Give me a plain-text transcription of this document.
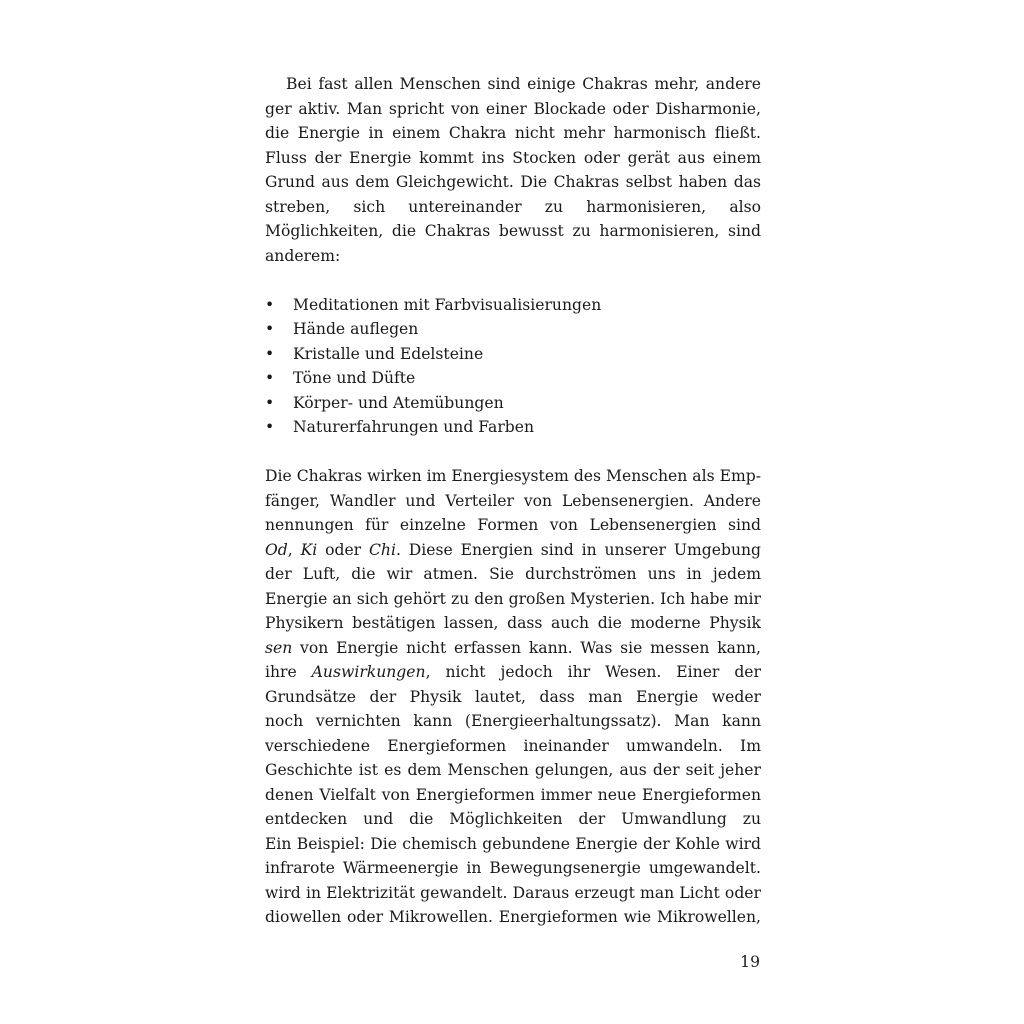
Bei fast allen Menschen sind einige Chakras mehr, andere
ger aktiv. Man spricht von einer Blockade oder Disharmonie,
die Energie in einem Chakra nicht mehr harmonisch fließt.
Fluss der Energie kommt ins Stocken oder gerät aus einem
Grund aus dem Gleichgewicht. Die Chakras selbst haben das
streben, sich untereinander zu harmonisieren, also
Möglichkeiten, die Chakras bewusst zu harmonisieren, sind
anderem:
•	Meditationen mit Farbvisualisierungen
•	Hände auflegen
•	Kristalle und Edelsteine
•	Töne und Düfte
•	Körper- und Atemübungen
•	Naturerfahrungen und Farben
Die Chakras wirken im Energiesystem des Menschen als Emp-
fänger, Wandler und Verteiler von Lebensenergien. Andere
nennungen für einzelne Formen von Lebensenergien sind
Od, Ki oder Chi. Diese Energien sind in unserer Umgebung
der Luft, die wir atmen. Sie durchströmen uns in jedem
Energie an sich gehört zu den großen Mysterien. Ich habe mir
Physikern bestätigen lassen, dass auch die moderne Physik
sen von Energie nicht erfassen kann. Was sie messen kann,
ihre Auswirkungen, nicht jedoch ihr Wesen. Einer der
Grundsätze der Physik lautet, dass man Energie weder
noch vernichten kann (Energieerhaltungssatz). Man kann
verschiedene Energieformen ineinander umwandeln. Im
Geschichte ist es dem Menschen gelungen, aus der seit jeher
denen Vielfalt von Energieformen immer neue Energieformen
entdecken und die Möglichkeiten der Umwandlung zu
Ein Beispiel: Die chemisch gebundene Energie der Kohle wird
infrarote Wärmeenergie in Bewegungsenergie umgewandelt.
wird in Elektrizität gewandelt. Daraus erzeugt man Licht oder
diowellen oder Mikrowellen. Energieformen wie Mikrowellen,
19
